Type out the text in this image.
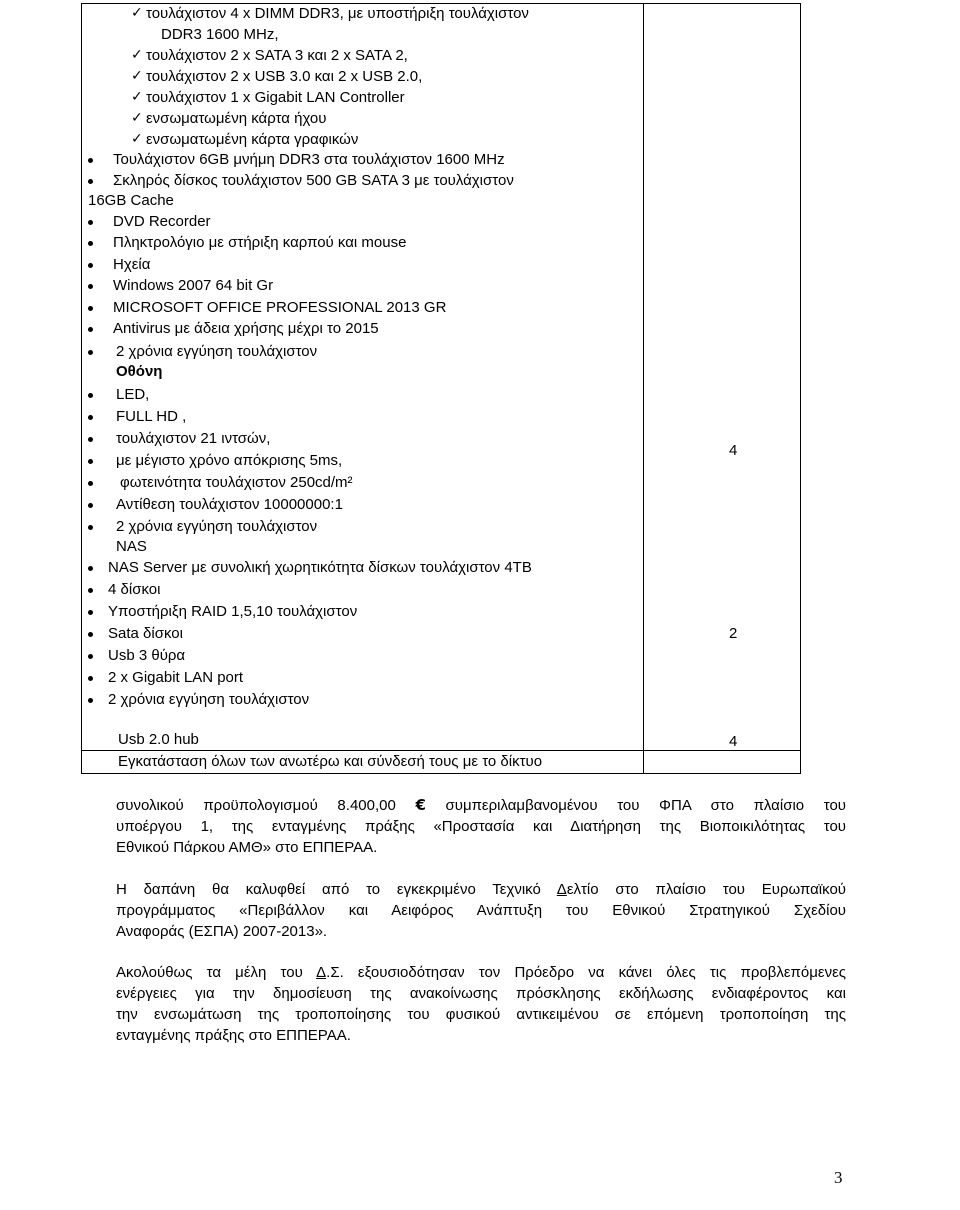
✓ τουλάχιστον 4 x DIMM DDR3, με υποστήριξη τουλάχιστον
DDR3 1600 MHz,
✓ τουλάχιστον 2 x SATA 3 και 2 x SATA 2,
✓ τουλάχιστον 2 x USB 3.0 και 2 x USB 2.0,
✓ τουλάχιστον 1 x Gigabit LAN Controller
✓ ενσωματωμένη κάρτα ήχου
✓ ενσωματωμένη κάρτα γραφικών
Τουλάχιστον 6GB μνήμη DDR3 στα τουλάχιστον 1600 MHz
Σκληρός δίσκος τουλάχιστον 500 GB SATA 3 με τουλάχιστον
16GB Cache
DVD Recorder
Πληκτρολόγιο με στήριξη καρπού και mouse
Ηχεία
Windows 2007 64 bit Gr
MICROSOFT OFFICE PROFESSIONAL 2013 GR
Antivirus με άδεια χρήσης μέχρι το 2015
2 χρόνια εγγύηση τουλάχιστον
Οθόνη
LED,
FULL HD ,
τουλάχιστον 21 ιντσών,
με μέγιστο χρόνο απόκρισης 5ms,
φωτεινότητα τουλάχιστον 250cd/m²
Αντίθεση τουλάχιστον 10000000:1
2 χρόνια εγγύηση τουλάχιστον
4
NAS
NAS Server με συνολική χωρητικότητα δίσκων τουλάχιστον 4TB
4 δίσκοι
Υποστήριξη RAID 1,5,10 τουλάχιστον
Sata δίσκοι
Usb 3 θύρα
2 x Gigabit LAN port
2 χρόνια εγγύηση τουλάχιστον
2
Usb 2.0 hub	4
Εγκατάσταση όλων των ανωτέρω και σύνδεσή τους με το δίκτυο
συνολικού προϋπολογισμού 8.400,00 € συμπεριλαμβανομένου του ΦΠΑ στο πλαίσιο του
υποέργου 1, της ενταγμένης πράξης «Προστασία και Διατήρηση της Βιοποικιλότητας του
Εθνικού Πάρκου ΑΜΘ» στο ΕΠΠΕΡΑΑ.
Η δαπάνη θα καλυφθεί από το εγκεκριμένο Τεχνικό Δελτίο στο πλαίσιο του Ευρωπαϊκού
προγράμματος «Περιβάλλον και Αειφόρος Ανάπτυξη του Εθνικού Στρατηγικού Σχεδίου
Αναφοράς (ΕΣΠΑ) 2007-2013».
Ακολούθως τα μέλη του Δ.Σ. εξουσιοδότησαν τον Πρόεδρο να κάνει όλες τις προβλεπόμενες
ενέργειες για την δημοσίευση της ανακοίνωσης πρόσκλησης εκδήλωσης ενδιαφέροντος και
την ενσωμάτωση της τροποποίησης του φυσικού αντικειμένου σε επόμενη τροποποίηση της
ενταγμένης πράξης στο ΕΠΠΕΡΑΑ.
3
